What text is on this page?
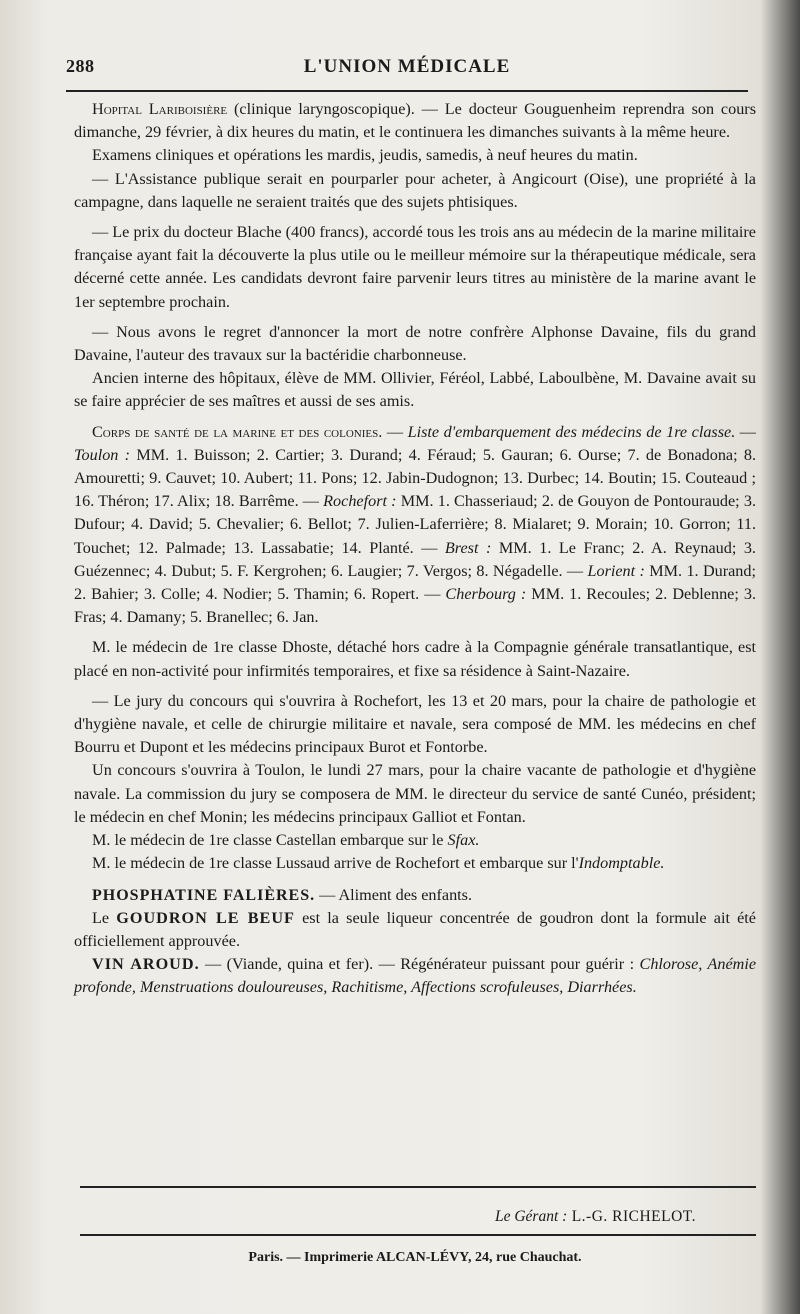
288	L'UNION MÉDICALE

Hopital Lariboisière (clinique laryngoscopique). — Le docteur Gouguenheim reprendra son cours dimanche, 29 février, à dix heures du matin, et le continuera les dimanches suivants à la même heure.

Examens cliniques et opérations les mardis, jeudis, samedis, à neuf heures du matin.

— L'Assistance publique serait en pourparler pour acheter, à Angicourt (Oise), une propriété à la campagne, dans laquelle ne seraient traités que des sujets phtisiques.

— Le prix du docteur Blache (400 francs), accordé tous les trois ans au médecin de la marine militaire française ayant fait la découverte la plus utile ou le meilleur mémoire sur la thérapeutique médicale, sera décerné cette année. Les candidats devront faire parvenir leurs titres au ministère de la marine avant le 1er septembre prochain.

— Nous avons le regret d'annoncer la mort de notre confrère Alphonse Davaine, fils du grand Davaine, l'auteur des travaux sur la bactéridie charbonneuse.

Ancien interne des hôpitaux, élève de MM. Ollivier, Féréol, Labbé, Laboulbène, M. Davaine avait su se faire apprécier de ses maîtres et aussi de ses amis.

Corps de santé de la marine et des colonies. — Liste d'embarquement des médecins de 1re classe. — Toulon : MM. 1. Buisson; 2. Cartier; 3. Durand; 4. Féraud; 5. Gauran; 6. Ourse; 7. de Bonadona; 8. Amouretti; 9. Cauvet; 10. Aubert; 11. Pons; 12. Jabin-Dudognon; 13. Durbec; 14. Boutin; 15. Couteaud ; 16. Théron; 17. Alix; 18. Barrême. — Rochefort : MM. 1. Chasseriaud; 2. de Gouyon de Pontouraude; 3. Dufour; 4. David; 5. Chevalier; 6. Bellot; 7. Julien-Laferrière; 8. Mialaret; 9. Morain; 10. Gorron; 11. Touchet; 12. Palmade; 13. Lassabatie; 14. Planté. — Brest : MM. 1. Le Franc; 2. A. Reynaud; 3. Guézennec; 4. Dubut; 5. F. Kergrohen; 6. Laugier; 7. Vergos; 8. Négadelle. — Lorient : MM. 1. Durand; 2. Bahier; 3. Colle; 4. Nodier; 5. Thamin; 6. Ropert. — Cherbourg : MM. 1. Recoules; 2. Deblenne; 3. Fras; 4. Damany; 5. Branellec; 6. Jan.

M. le médecin de 1re classe Dhoste, détaché hors cadre à la Compagnie générale transatlantique, est placé en non-activité pour infirmités temporaires, et fixe sa résidence à Saint-Nazaire.

— Le jury du concours qui s'ouvrira à Rochefort, les 13 et 20 mars, pour la chaire de pathologie et d'hygiène navale, et celle de chirurgie militaire et navale, sera composé de MM. les médecins en chef Bourru et Dupont et les médecins principaux Burot et Fontorbe.

Un concours s'ouvrira à Toulon, le lundi 27 mars, pour la chaire vacante de pathologie et d'hygiène navale. La commission du jury se composera de MM. le directeur du service de santé Cunéo, président; le médecin en chef Monin; les médecins principaux Galliot et Fontan.

M. le médecin de 1re classe Castellan embarque sur le Sfax.

M. le médecin de 1re classe Lussaud arrive de Rochefort et embarque sur l'Indomptable.

PHOSPHATINE FALIÈRES. — Aliment des enfants.

Le GOUDRON LE BEUF est la seule liqueur concentrée de goudron dont la formule ait été officiellement approuvée.

VIN AROUD. — (Viande, quina et fer). — Régénérateur puissant pour guérir : Chlorose, Anémie profonde, Menstruations douloureuses, Rachitisme, Affections scrofuleuses, Diarrhées.

Le Gérant : L.-G. RICHELOT.
Paris. — Imprimerie ALCAN-LÉVY, 24, rue Chauchat.
